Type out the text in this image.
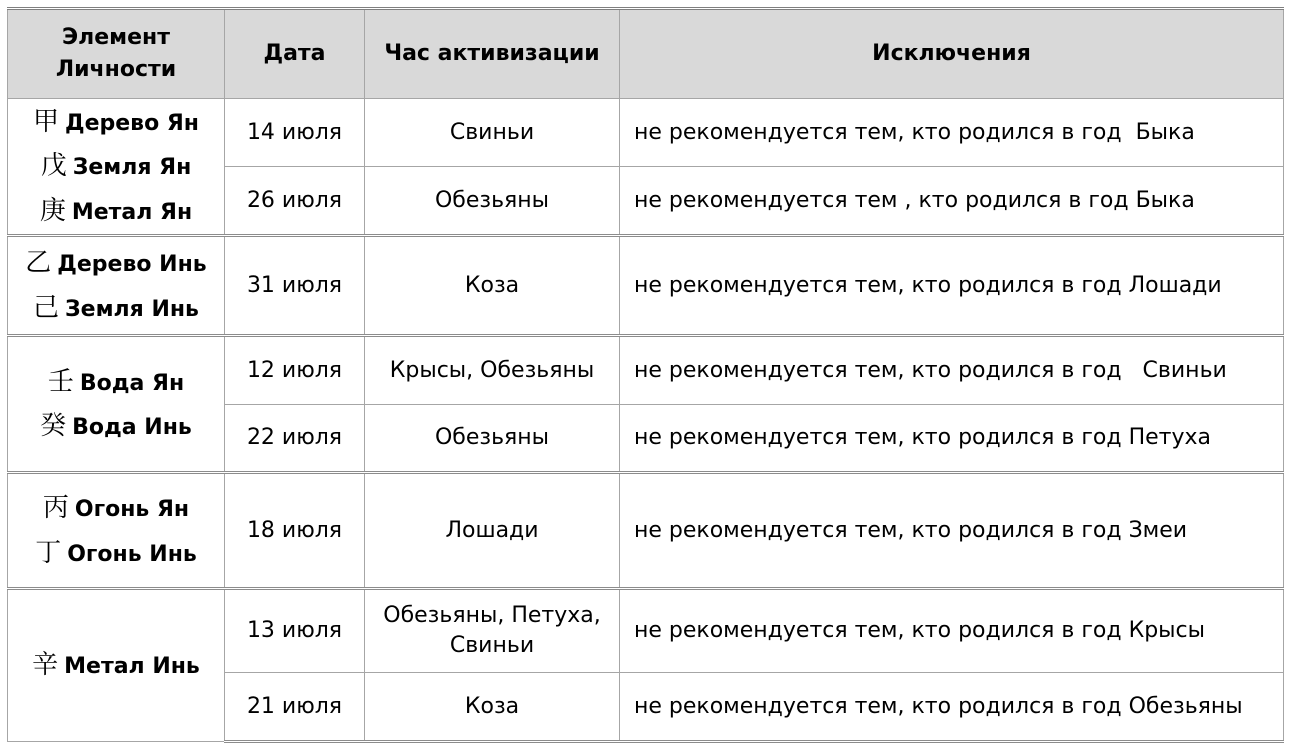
Элемент Личности	Дата	Час активизации	Исключения

甲 Дерево Ян
戊 Земля Ян
庚 Метал Ян	14 июля	Свиньи	не рекомендуется тем, кто родился в год  Быка
	26 июля	Обезьяны	не рекомендуется тем , кто родился в год Быка

乙 Дерево Инь
己 Земля Инь	31 июля	Коза	не рекомендуется тем, кто родился в год Лошади

壬 Вода Ян
癸 Вода Инь	12 июля	Крысы, Обезьяны	не рекомендуется тем, кто родился в год   Свиньи
	22 июля	Обезьяны	не рекомендуется тем, кто родился в год Петуха

丙 Огонь Ян
丁 Огонь Инь	18 июля	Лошади	не рекомендуется тем, кто родился в год Змеи

辛 Метал Инь	13 июля	Обезьяны, Петуха, Свиньи	не рекомендуется тем, кто родился в год Крысы
	21 июля	Коза	не рекомендуется тем, кто родился в год Обезьяны
